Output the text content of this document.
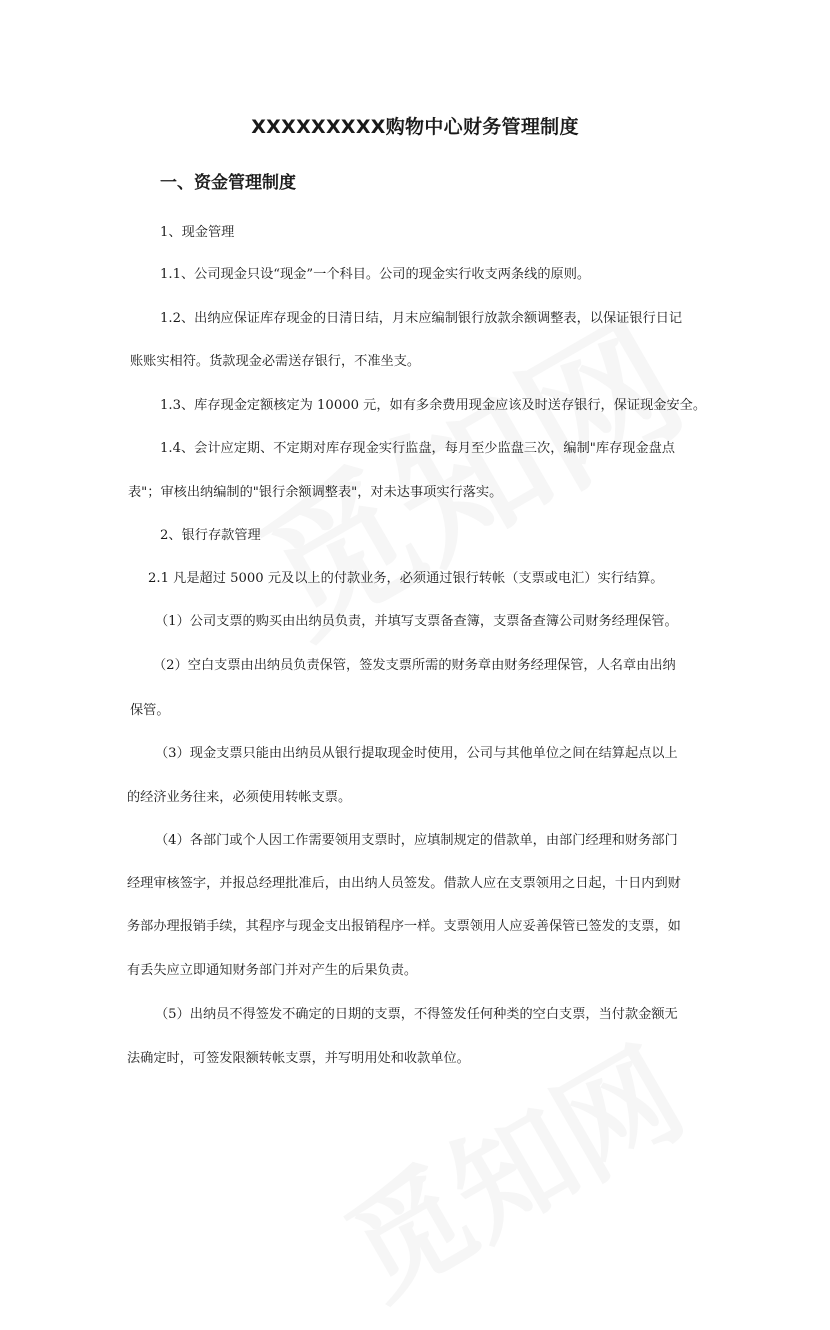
XXXXXXXXX购物中心财务管理制度
一、资金管理制度
1、现金管理
1.1、公司现金只设“现金”一个科目。公司的现金实行收支两条线的原则。
1.2、出纳应保证库存现金的日清日结，月末应编制银行放款余额调整表，以保证银行日记
账账实相符。货款现金必需送存银行，不准坐支。
1.3、库存现金定额核定为 10000 元，如有多余费用现金应该及时送存银行，保证现金安全。
1.4、会计应定期、不定期对库存现金实行监盘，每月至少监盘三次，编制"库存现金盘点
表"；审核出纳编制的"银行余额调整表"，对未达事项实行落实。
2、银行存款管理
2.1 凡是超过 5000 元及以上的付款业务，必须通过银行转帐（支票或电汇）实行结算。
（1）公司支票的购买由出纳员负责，并填写支票备查簿，支票备查簿公司财务经理保管。
（2）空白支票由出纳员负责保管，签发支票所需的财务章由财务经理保管，人名章由出纳
保管。
（3）现金支票只能由出纳员从银行提取现金时使用，公司与其他单位之间在结算起点以上
的经济业务往来，必须使用转帐支票。
（4）各部门或个人因工作需要领用支票时，应填制规定的借款单，由部门经理和财务部门
经理审核签字，并报总经理批准后，由出纳人员签发。借款人应在支票领用之日起，十日内到财
务部办理报销手续，其程序与现金支出报销程序一样。支票领用人应妥善保管已签发的支票，如
有丢失应立即通知财务部门并对产生的后果负责。
（5）出纳员不得签发不确定的日期的支票，不得签发任何种类的空白支票，当付款金额无
法确定时，可签发限额转帐支票，并写明用处和收款单位。
